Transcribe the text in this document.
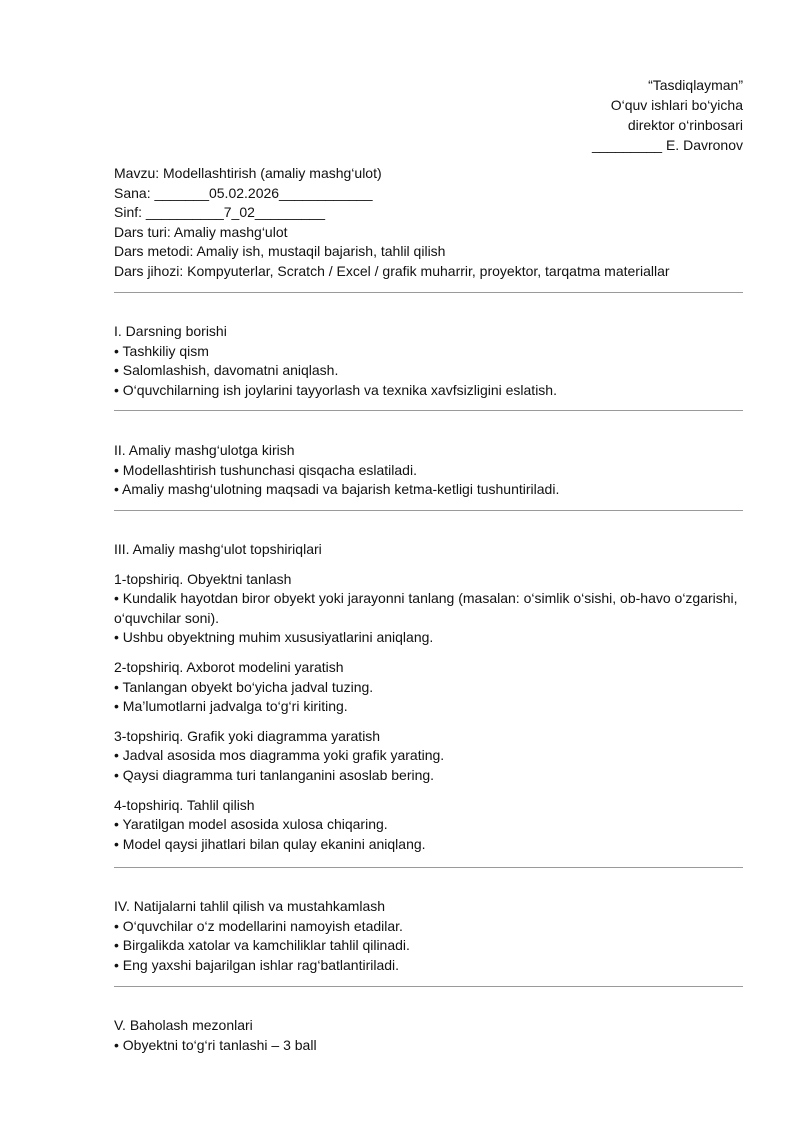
“Tasdiqlayman”
O‘quv ishlari bo‘yicha
direktor o‘rinbosari
_________ E. Davronov
Mavzu: Modellashtirish (amaliy mashg‘ulot)
Sana: _______05.02.2026____________
Sinf: __________7_02_________
Dars turi: Amaliy mashg‘ulot
Dars metodi: Amaliy ish, mustaqil bajarish, tahlil qilish
Dars jihozi: Kompyuterlar, Scratch / Excel / grafik muharrir, proyektor, tarqatma materiallar
I. Darsning borishi
• Tashkiliy qism
• Salomlashish, davomatni aniqlash.
• O‘quvchilarning ish joylarini tayyorlash va texnika xavfsizligini eslatish.
II. Amaliy mashg‘ulotga kirish
• Modellashtirish tushunchasi qisqacha eslatiladi.
• Amaliy mashg‘ulotning maqsadi va bajarish ketma-ketligi tushuntiriladi.
III. Amaliy mashg‘ulot topshiriqlari
1-topshiriq. Obyektni tanlash
• Kundalik hayotdan biror obyekt yoki jarayonni tanlang (masalan: o‘simlik o‘sishi, ob-havo o‘zgarishi, o‘quvchilar soni).
• Ushbu obyektning muhim xususiyatlarini aniqlang.
2-topshiriq. Axborot modelini yaratish
• Tanlangan obyekt bo‘yicha jadval tuzing.
• Ma’lumotlarni jadvalga to‘g‘ri kiriting.
3-topshiriq. Grafik yoki diagramma yaratish
• Jadval asosida mos diagramma yoki grafik yarating.
• Qaysi diagramma turi tanlanganini asoslab bering.
4-topshiriq. Tahlil qilish
• Yaratilgan model asosida xulosa chiqaring.
• Model qaysi jihatlari bilan qulay ekanini aniqlang.
IV. Natijalarni tahlil qilish va mustahkamlash
• O‘quvchilar o‘z modellarini namoyish etadilar.
• Birgalikda xatolar va kamchiliklar tahlil qilinadi.
• Eng yaxshi bajarilgan ishlar rag‘batlantiriladi.
V. Baholash mezonlari
• Obyektni to‘g‘ri tanlashi – 3 ball
